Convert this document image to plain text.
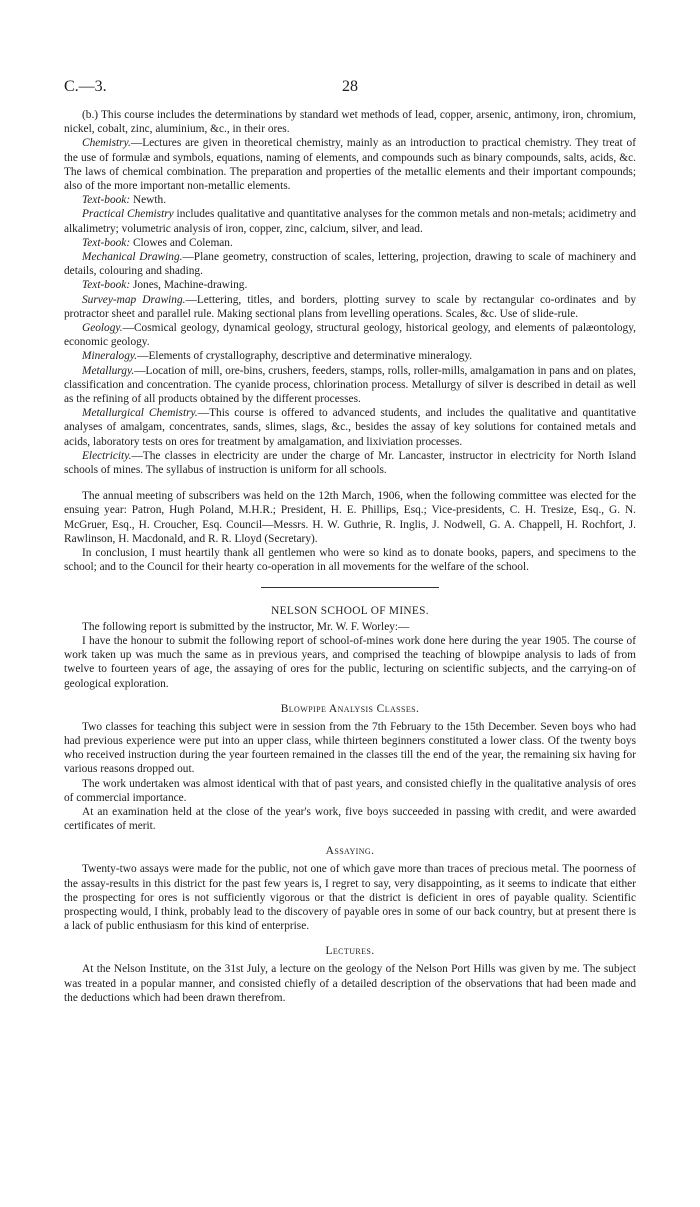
C.—3.	28

(b.) This course includes the determinations by standard wet methods of lead, copper, arsenic, antimony, iron, chromium, nickel, cobalt, zinc, aluminium, &c., in their ores.

Chemistry.—Lectures are given in theoretical chemistry, mainly as an introduction to practical chemistry. They treat of the use of formulæ and symbols, equations, naming of elements, and compounds such as binary compounds, salts, acids, &c. The laws of chemical combination. The preparation and properties of the metallic elements and their important compounds; also of the more important non-metallic elements.

Text-book: Newth.

Practical Chemistry includes qualitative and quantitative analyses for the common metals and non-metals; acidimetry and alkalimetry; volumetric analysis of iron, copper, zinc, calcium, silver, and lead.

Text-book: Clowes and Coleman.

Mechanical Drawing.—Plane geometry, construction of scales, lettering, projection, drawing to scale of machinery and details, colouring and shading.

Text-book: Jones, Machine-drawing.

Survey-map Drawing.—Lettering, titles, and borders, plotting survey to scale by rectangular co-ordinates and by protractor sheet and parallel rule. Making sectional plans from levelling operations. Scales, &c. Use of slide-rule.

Geology.—Cosmical geology, dynamical geology, structural geology, historical geology, and elements of palæontology, economic geology.

Mineralogy.—Elements of crystallography, descriptive and determinative mineralogy.

Metallurgy.—Location of mill, ore-bins, crushers, feeders, stamps, rolls, roller-mills, amalgamation in pans and on plates, classification and concentration. The cyanide process, chlorination process. Metallurgy of silver is described in detail as well as the refining of all products obtained by the different processes.

Metallurgical Chemistry.—This course is offered to advanced students, and includes the qualitative and quantitative analyses of amalgam, concentrates, sands, slimes, slags, &c., besides the assay of key solutions for contained metals and acids, laboratory tests on ores for treatment by amalgamation, and lixiviation processes.

Electricity.—The classes in electricity are under the charge of Mr. Lancaster, instructor in electricity for North Island schools of mines. The syllabus of instruction is uniform for all schools.

The annual meeting of subscribers was held on the 12th March, 1906, when the following committee was elected for the ensuing year: Patron, Hugh Poland, M.H.R.; President, H. E. Phillips, Esq.; Vice-presidents, C. H. Tresize, Esq., G. N. McGruer, Esq., H. Croucher, Esq. Council—Messrs. H. W. Guthrie, R. Inglis, J. Nodwell, G. A. Chappell, H. Rochfort, J. Rawlinson, H. Macdonald, and R. R. Lloyd (Secretary).

In conclusion, I must heartily thank all gentlemen who were so kind as to donate books, papers, and specimens to the school; and to the Council for their hearty co-operation in all movements for the welfare of the school.

NELSON SCHOOL OF MINES.

The following report is submitted by the instructor, Mr. W. F. Worley:—

I have the honour to submit the following report of school-of-mines work done here during the year 1905. The course of work taken up was much the same as in previous years, and comprised the teaching of blowpipe analysis to lads of from twelve to fourteen years of age, the assaying of ores for the public, lecturing on scientific subjects, and the carrying-on of geological exploration.

Blowpipe Analysis Classes.

Two classes for teaching this subject were in session from the 7th February to the 15th December. Seven boys who had had previous experience were put into an upper class, while thirteen beginners constituted a lower class. Of the twenty boys who received instruction during the year fourteen remained in the classes till the end of the year, the remaining six having for various reasons dropped out.

The work undertaken was almost identical with that of past years, and consisted chiefly in the qualitative analysis of ores of commercial importance.

At an examination held at the close of the year's work, five boys succeeded in passing with credit, and were awarded certificates of merit.

Assaying.

Twenty-two assays were made for the public, not one of which gave more than traces of precious metal. The poorness of the assay-results in this district for the past few years is, I regret to say, very disappointing, as it seems to indicate that either the prospecting for ores is not sufficiently vigorous or that the district is deficient in ores of payable quality. Scientific prospecting would, I think, probably lead to the discovery of payable ores in some of our back country, but at present there is a lack of public enthusiasm for this kind of enterprise.

Lectures.

At the Nelson Institute, on the 31st July, a lecture on the geology of the Nelson Port Hills was given by me. The subject was treated in a popular manner, and consisted chiefly of a detailed description of the observations that had been made and the deductions which had been drawn therefrom.
